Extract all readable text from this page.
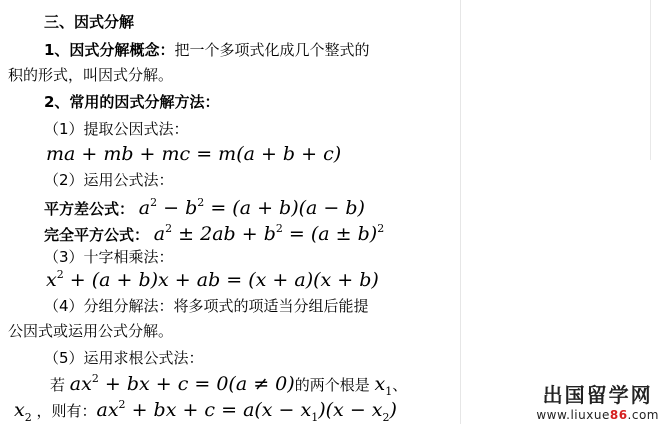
三、因式分解
1、因式分解概念：把一个多项式化成几个整式的
积的形式，叫因式分解。
2、常用的因式分解方法：
（1）提取公因式法：
ma + mb + mc = m(a + b + c)
（2）运用公式法：
平方差公式： $a^2 - b^2 = (a + b)(a - b)$
完全平方公式： $a^2 \pm 2ab + b^2 = (a \pm b)^2$
（3）十字相乘法：
$x^2 + (a + b)x$ + ab = (x + a)(x + b)
（4）分组分解法：将多项式的项适当分组后能提
公因式或运用公式分解。
（5）运用求根公式法：
若 $ax^2$ + bx + c = 0(a ≠ 0)的两个根是 $x_1$、
$x_2$ ，则有：$ax^2$ + bx + $c = a(x - x_1)(x - x_2)$
出国留学网
www.liuxue86.com
